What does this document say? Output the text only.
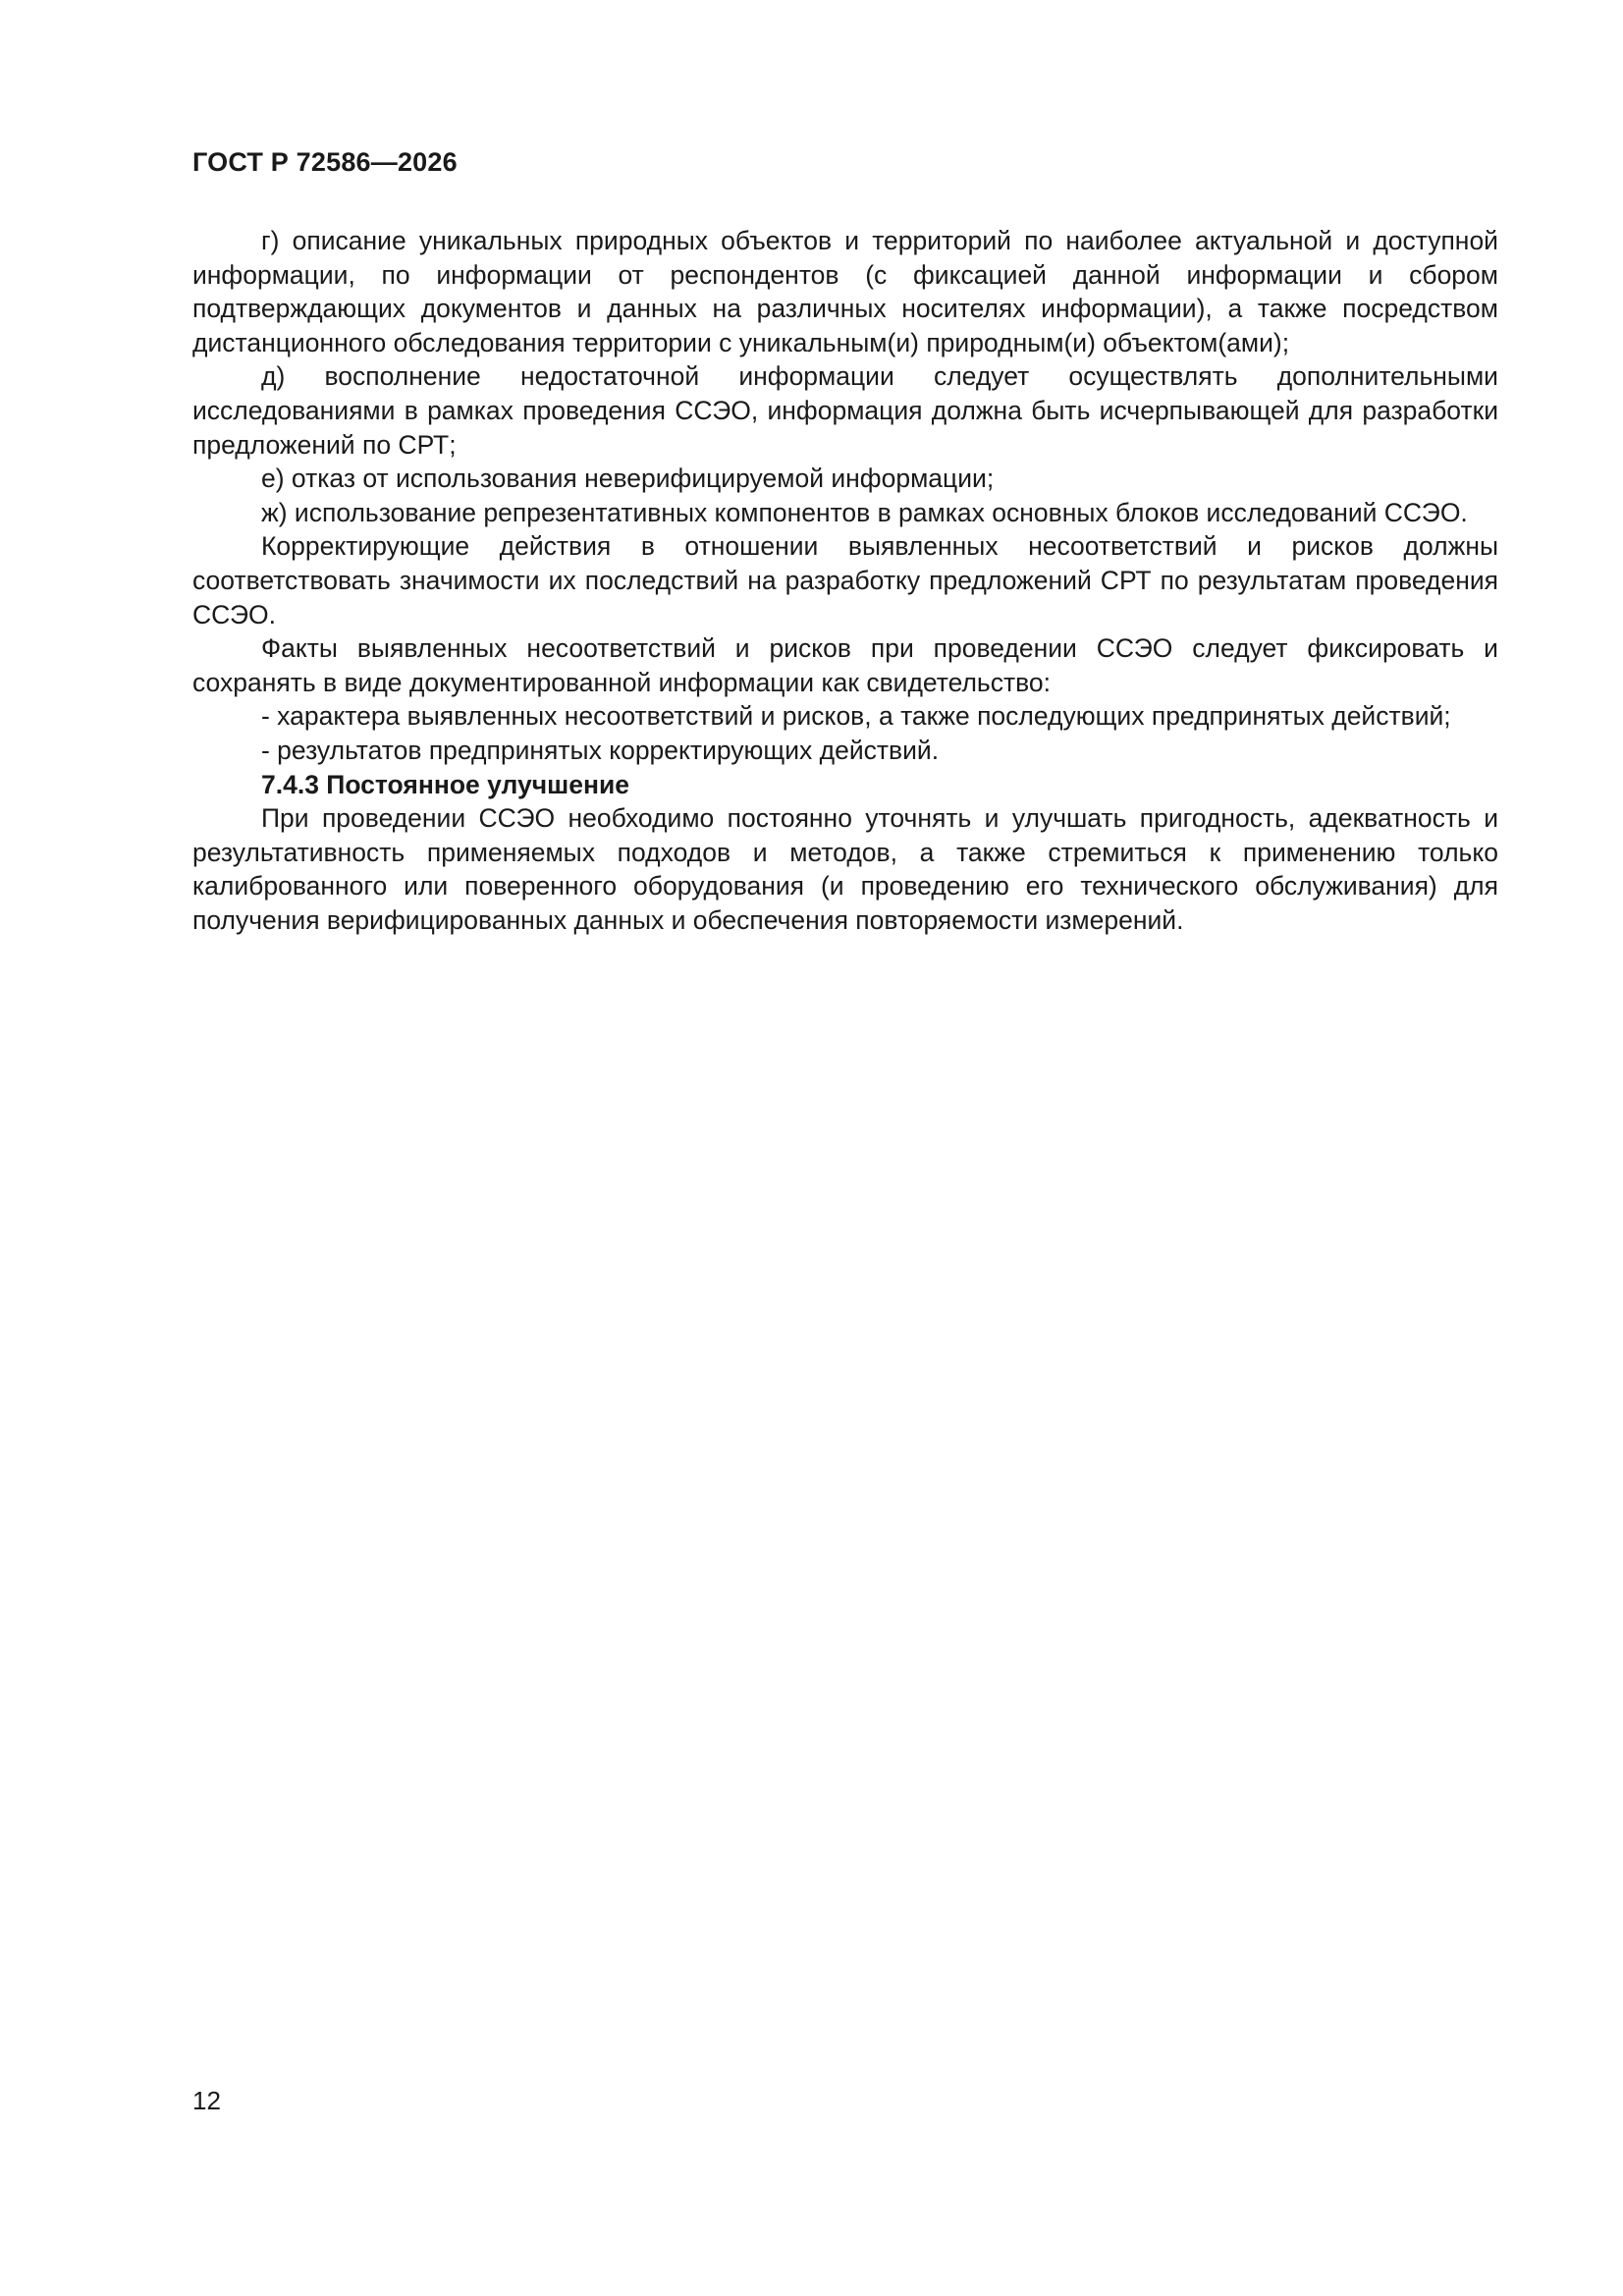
ГОСТ Р 72586—2026

г) описание уникальных природных объектов и территорий по наиболее актуальной и доступной информации, по информации от респондентов (с фиксацией данной информации и сбором подтверждающих документов и данных на различных носителях информации), а также посредством дистанционного обследования территории с уникальным(и) природным(и) объектом(ами);

д) восполнение недостаточной информации следует осуществлять дополнительными исследованиями в рамках проведения ССЭО, информация должна быть исчерпывающей для разработки предложений по СРТ;

е) отказ от использования неверифицируемой информации;

ж) использование репрезентативных компонентов в рамках основных блоков исследований ССЭО.

Корректирующие действия в отношении выявленных несоответствий и рисков должны соответствовать значимости их последствий на разработку предложений СРТ по результатам проведения ССЭО.

Факты выявленных несоответствий и рисков при проведении ССЭО следует фиксировать и сохранять в виде документированной информации как свидетельство:

- характера выявленных несоответствий и рисков, а также последующих предпринятых действий;

- результатов предпринятых корректирующих действий.

7.4.3 Постоянное улучшение

При проведении ССЭО необходимо постоянно уточнять и улучшать пригодность, адекватность и результативность применяемых подходов и методов, а также стремиться к применению только калиброванного или поверенного оборудования (и проведению его технического обслуживания) для получения верифицированных данных и обеспечения повторяемости измерений.

12
